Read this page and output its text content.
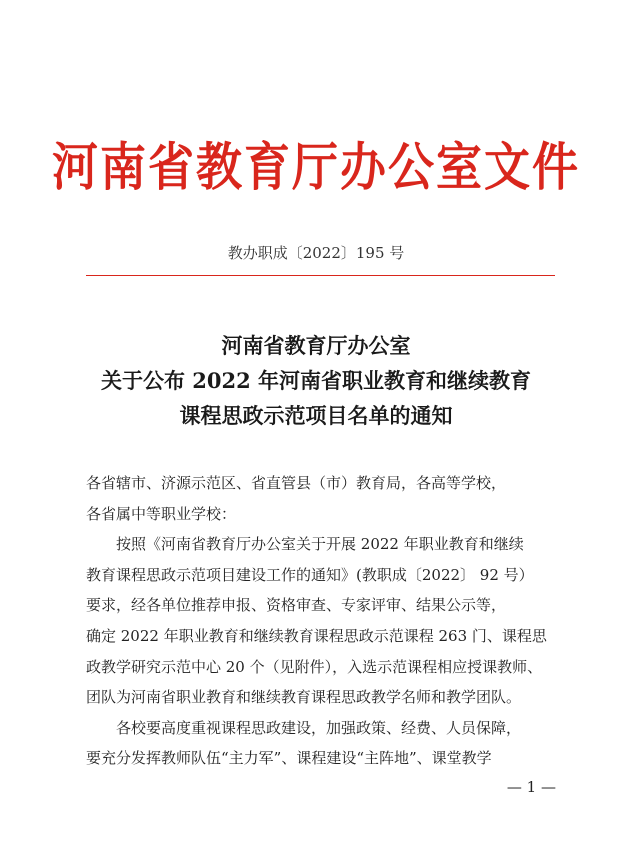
河南省教育厅办公室文件
教办职成〔2022〕195 号
河南省教育厅办公室
关于公布 2022 年河南省职业教育和继续教育
课程思政示范项目名单的通知

各省辖市、济源示范区、省直管县（市）教育局，各高等学校，
各省属中等职业学校：

按照《河南省教育厅办公室关于开展 2022 年职业教育和继续
教育课程思政示范项目建设工作的通知》(教职成〔2022〕 92 号）
要求，经各单位推荐申报、资格审查、专家评审、结果公示等，
确定 2022 年职业教育和继续教育课程思政示范课程 263 门、课程思
政教学研究示范中心 20 个（见附件），入选示范课程相应授课教师、
团队为河南省职业教育和继续教育课程思政教学名师和教学团队。

各校要高度重视课程思政建设，加强政策、经费、人员保障，
要充分发挥教师队伍“主力军”、课程建设“主阵地”、课堂教学

— 1 —
